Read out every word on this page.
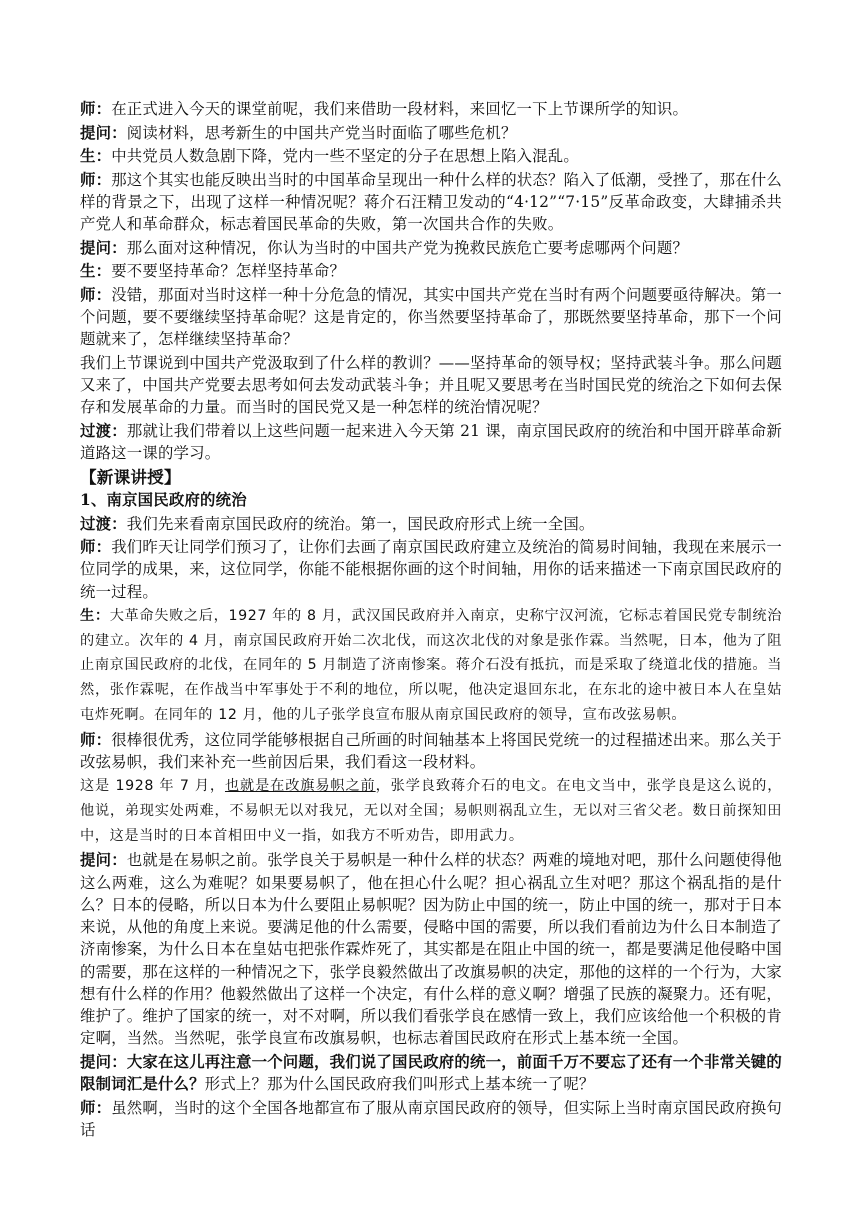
师：在正式进入今天的课堂前呢，我们来借助一段材料，来回忆一下上节课所学的知识。

提问：阅读材料，思考新生的中国共产党当时面临了哪些危机？

生：中共党员人数急剧下降，党内一些不坚定的分子在思想上陷入混乱。

师：那这个其实也能反映出当时的中国革命呈现出一种什么样的状态？陷入了低潮，受挫了，那在什么样的背景之下，出现了这样一种情况呢？蒋介石汪精卫发动的“4·12”“7·15”反革命政变，大肆捕杀共产党人和革命群众，标志着国民革命的失败，第一次国共合作的失败。

提问：那么面对这种情况，你认为当时的中国共产党为挽救民族危亡要考虑哪两个问题？

生：要不要坚持革命？怎样坚持革命？

师：没错，那面对当时这样一种十分危急的情况，其实中国共产党在当时有两个问题要亟待解决。第一个问题，要不要继续坚持革命呢？这是肯定的，你当然要坚持革命了，那既然要坚持革命，那下一个问题就来了，怎样继续坚持革命？

我们上节课说到中国共产党汲取到了什么样的教训？——坚持革命的领导权；坚持武装斗争。那么问题又来了，中国共产党要去思考如何去发动武装斗争；并且呢又要思考在当时国民党的统治之下如何去保存和发展革命的力量。而当时的国民党又是一种怎样的统治情况呢？

过渡：那就让我们带着以上这些问题一起来进入今天第 21 课，南京国民政府的统治和中国开辟革命新道路这一课的学习。

【新课讲授】

1、南京国民政府的统治

过渡：我们先来看南京国民政府的统治。第一，国民政府形式上统一全国。

师：我们昨天让同学们预习了，让你们去画了南京国民政府建立及统治的简易时间轴，我现在来展示一位同学的成果，来，这位同学，你能不能根据你画的这个时间轴，用你的话来描述一下南京国民政府的统一过程。

生：大革命失败之后，1927 年的 8 月，武汉国民政府并入南京，史称宁汉河流，它标志着国民党专制统治的建立。次年的 4 月，南京国民政府开始二次北伐，而这次北伐的对象是张作霖。当然呢，日本，他为了阻止南京国民政府的北伐，在同年的 5 月制造了济南惨案。蒋介石没有抵抗，而是采取了绕道北伐的措施。当然，张作霖呢，在作战当中军事处于不利的地位，所以呢，他决定退回东北，在东北的途中被日本人在皇姑屯炸死啊。在同年的 12 月，他的儿子张学良宣布服从南京国民政府的领导，宣布改弦易帜。

师：很棒很优秀，这位同学能够根据自己所画的时间轴基本上将国民党统一的过程描述出来。那么关于改弦易帜，我们来补充一些前因后果，我们看这一段材料。

这是 1928 年 7 月，也就是在改旗易帜之前，张学良致蒋介石的电文。在电文当中，张学良是这么说的，他说，弟现实处两难，不易帜无以对我兄，无以对全国；易帜则祸乱立生，无以对三省父老。数日前探知田中，这是当时的日本首相田中义一指，如我方不听劝告，即用武力。

提问：也就是在易帜之前。张学良关于易帜是一种什么样的状态？两难的境地对吧，那什么问题使得他这么两难，这么为难呢？如果要易帜了，他在担心什么呢？担心祸乱立生对吧？那这个祸乱指的是什么？日本的侵略，所以日本为什么要阻止易帜呢？因为防止中国的统一，防止中国的统一，那对于日本来说，从他的角度上来说。要满足他的什么需要，侵略中国的需要，所以我们看前边为什么日本制造了济南惨案，为什么日本在皇姑屯把张作霖炸死了，其实都是在阻止中国的统一，都是要满足他侵略中国的需要，那在这样的一种情况之下，张学良毅然做出了改旗易帜的决定，那他的这样的一个行为，大家想有什么样的作用？他毅然做出了这样一个决定，有什么样的意义啊？增强了民族的凝聚力。还有呢，维护了。维护了国家的统一，对不对啊，所以我们看张学良在感情一致上，我们应该给他一个积极的肯定啊，当然。当然呢，张学良宣布改旗易帜，也标志着国民政府在形式上基本统一全国。

提问：大家在这儿再注意一个问题，我们说了国民政府的统一，前面千万不要忘了还有一个非常关键的限制词汇是什么？形式上？那为什么国民政府我们叫形式上基本统一了呢？

师：虽然啊，当时的这个全国各地都宣布了服从南京国民政府的领导，但实际上当时南京国民政府换句话
